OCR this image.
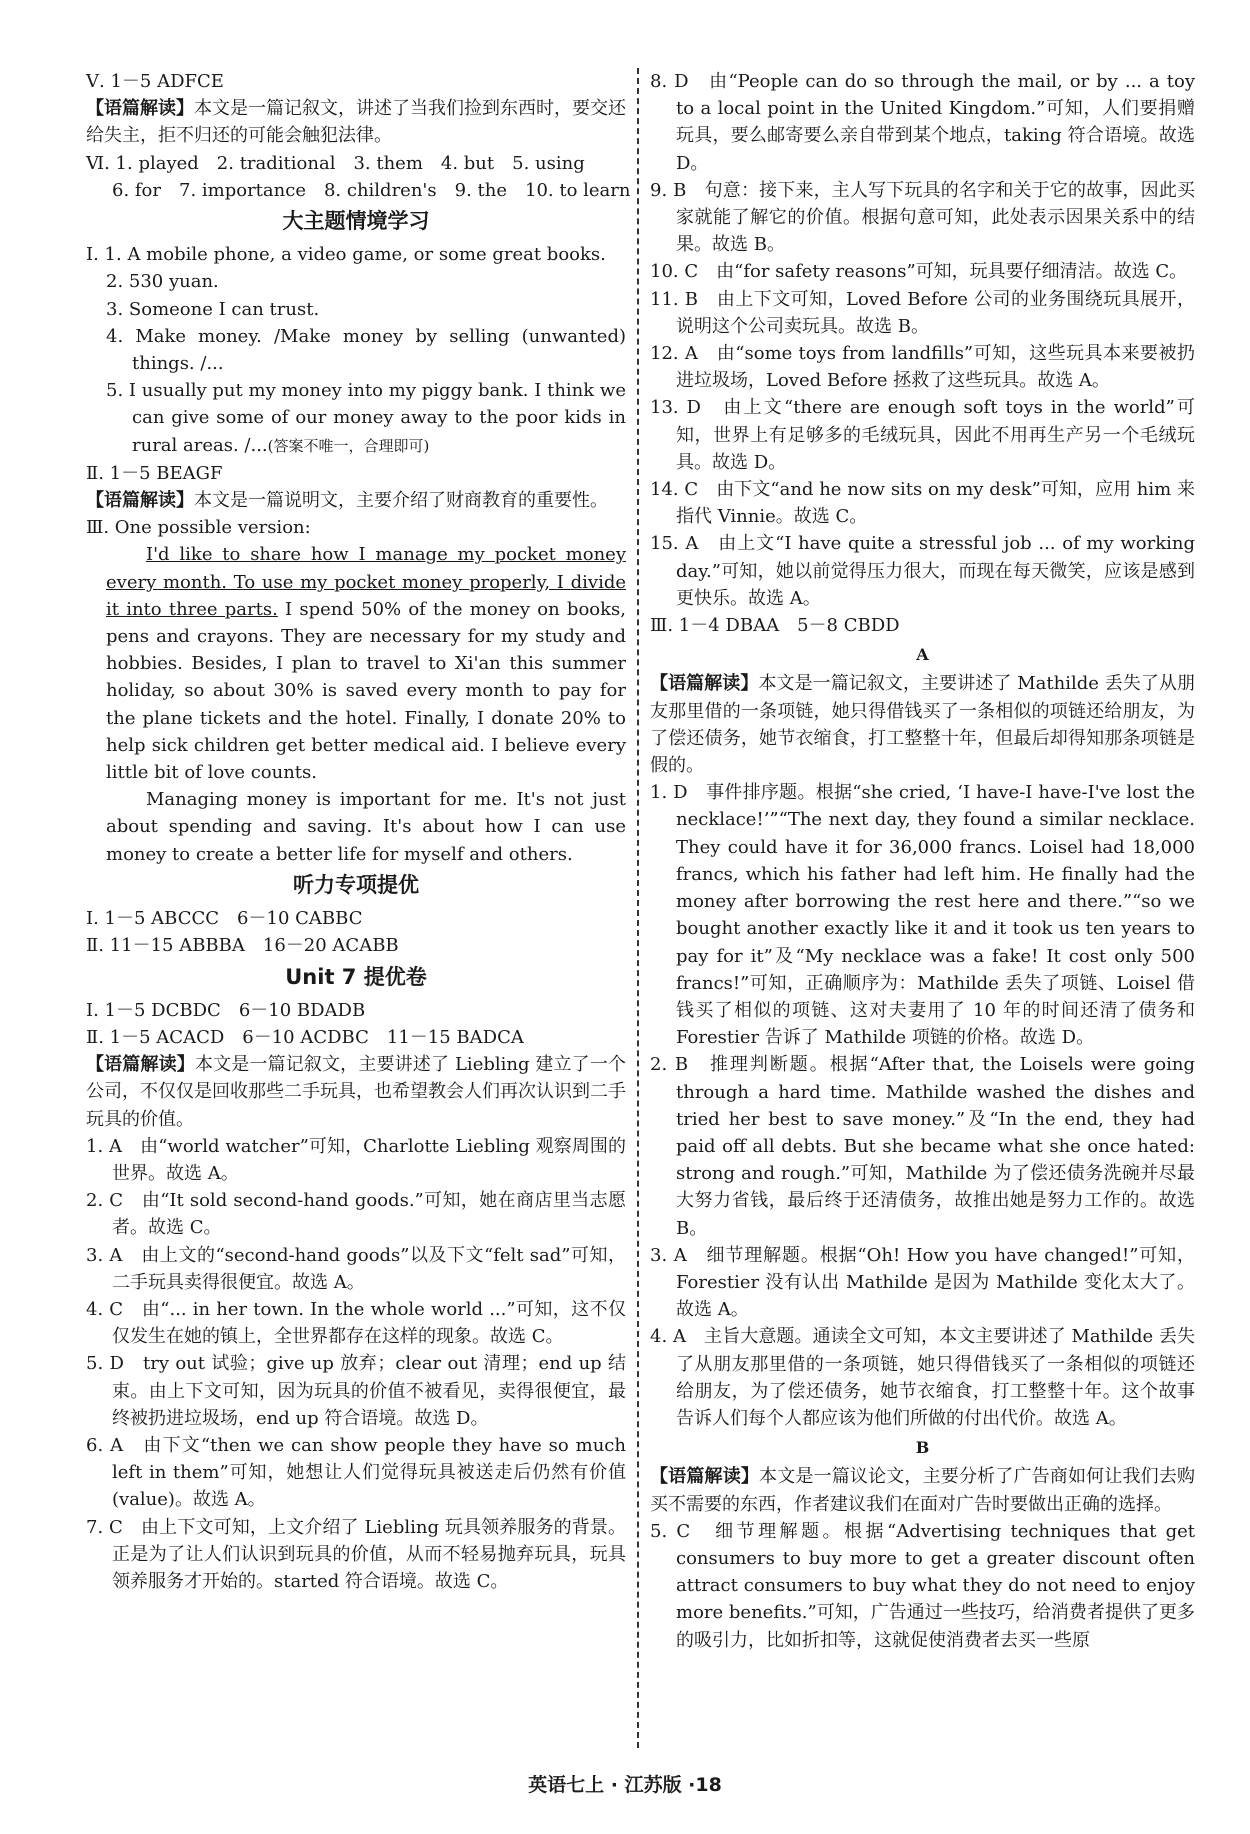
Ⅴ. 1－5 ADFCE

【语篇解读】本文是一篇记叙文，讲述了当我们捡到东西时，要交还给失主，拒不归还的可能会触犯法律。

Ⅵ. 1. played　2. traditional　3. them　4. but　5. using

6. for　7. importance　8. children's　9. the　10. to learn

大主题情境学习

Ⅰ. 1. A mobile phone, a video game, or some great books.

2. 530 yuan.

3. Someone I can trust.

4. Make money. /Make money by selling (unwanted) things. /...

5. I usually put my money into my piggy bank. I think we can give some of our money away to the poor kids in rural areas. /...(答案不唯一，合理即可)

Ⅱ. 1－5 BEAGF

【语篇解读】本文是一篇说明文，主要介绍了财商教育的重要性。

Ⅲ. One possible version:

I'd like to share how I manage my pocket money every month. To use my pocket money properly, I divide it into three parts. I spend 50% of the money on books, pens and crayons. They are necessary for my study and hobbies. Besides, I plan to travel to Xi'an this summer holiday, so about 30% is saved every month to pay for the plane tickets and the hotel. Finally, I donate 20% to help sick children get better medical aid. I believe every little bit of love counts.

Managing money is important for me. It's not just about spending and saving. It's about how I can use money to create a better life for myself and others.

听力专项提优

Ⅰ. 1－5 ABCCC　6－10 CABBC

Ⅱ. 11－15 ABBBA　16－20 ACABB

Unit 7 提优卷

Ⅰ. 1－5 DCBDC　6－10 BDADB

Ⅱ. 1－5 ACACD　6－10 ACDBC　11－15 BADCA

【语篇解读】本文是一篇记叙文，主要讲述了 Liebling 建立了一个公司，不仅仅是回收那些二手玩具，也希望教会人们再次认识到二手玩具的价值。

1. A　由“world watcher”可知，Charlotte Liebling 观察周围的世界。故选 A。

2. C　由“It sold second-hand goods.”可知，她在商店里当志愿者。故选 C。

3. A　由上文的“second-hand goods”以及下文“felt sad”可知，二手玩具卖得很便宜。故选 A。

4. C　由“... in her town. In the whole world ...”可知，这不仅仅发生在她的镇上，全世界都存在这样的现象。故选 C。

5. D　try out 试验；give up 放弃；clear out 清理；end up 结束。由上下文可知，因为玩具的价值不被看见，卖得很便宜，最终被扔进垃圾场，end up 符合语境。故选 D。

6. A　由下文“then we can show people they have so much left in them”可知，她想让人们觉得玩具被送走后仍然有价值(value)。故选 A。

7. C　由上下文可知，上文介绍了 Liebling 玩具领养服务的背景。正是为了让人们认识到玩具的价值，从而不轻易抛弃玩具，玩具领养服务才开始的。started 符合语境。故选 C。

8. D　由“People can do so through the mail, or by ... a toy to a local point in the United Kingdom.”可知，人们要捐赠玩具，要么邮寄要么亲自带到某个地点，taking 符合语境。故选 D。

9. B　句意：接下来，主人写下玩具的名字和关于它的故事，因此买家就能了解它的价值。根据句意可知，此处表示因果关系中的结果。故选 B。

10. C　由“for safety reasons”可知，玩具要仔细清洁。故选 C。

11. B　由上下文可知，Loved Before 公司的业务围绕玩具展开，说明这个公司卖玩具。故选 B。

12. A　由“some toys from landfills”可知，这些玩具本来要被扔进垃圾场，Loved Before 拯救了这些玩具。故选 A。

13. D　由上文“there are enough soft toys in the world”可知，世界上有足够多的毛绒玩具，因此不用再生产另一个毛绒玩具。故选 D。

14. C　由下文“and he now sits on my desk”可知，应用 him 来指代 Vinnie。故选 C。

15. A　由上文“I have quite a stressful job ... of my working day.”可知，她以前觉得压力很大，而现在每天微笑，应该是感到更快乐。故选 A。

Ⅲ. 1－4 DBAA　5－8 CBDD

A

【语篇解读】本文是一篇记叙文，主要讲述了 Mathilde 丢失了从朋友那里借的一条项链，她只得借钱买了一条相似的项链还给朋友，为了偿还债务，她节衣缩食，打工整整十年，但最后却得知那条项链是假的。

1. D　事件排序题。根据“she cried, ‘I have-I have-I've lost the necklace!’”“The next day, they found a similar necklace. They could have it for 36,000 francs. Loisel had 18,000 francs, which his father had left him. He finally had the money after borrowing the rest here and there.”“so we bought another exactly like it and it took us ten years to pay for it”及“My necklace was a fake! It cost only 500 francs!”可知，正确顺序为：Mathilde 丢失了项链、Loisel 借钱买了相似的项链、这对夫妻用了 10 年的时间还清了债务和 Forestier 告诉了 Mathilde 项链的价格。故选 D。

2. B　推理判断题。根据“After that, the Loisels were going through a hard time. Mathilde washed the dishes and tried her best to save money.”及“In the end, they had paid off all debts. But she became what she once hated: strong and rough.”可知，Mathilde 为了偿还债务洗碗并尽最大努力省钱，最后终于还清债务，故推出她是努力工作的。故选 B。

3. A　细节理解题。根据“Oh! How you have changed!”可知，Forestier 没有认出 Mathilde 是因为 Mathilde 变化太大了。故选 A。

4. A　主旨大意题。通读全文可知，本文主要讲述了 Mathilde 丢失了从朋友那里借的一条项链，她只得借钱买了一条相似的项链还给朋友，为了偿还债务，她节衣缩食，打工整整十年。这个故事告诉人们每个人都应该为他们所做的付出代价。故选 A。

B

【语篇解读】本文是一篇议论文，主要分析了广告商如何让我们去购买不需要的东西，作者建议我们在面对广告时要做出正确的选择。

5. C　细节理解题。根据“Advertising techniques that get consumers to buy more to get a greater discount often attract consumers to buy what they do not need to enjoy more benefits.”可知，广告通过一些技巧，给消费者提供了更多的吸引力，比如折扣等，这就促使消费者去买一些原

英语七上 · 江苏版 ·18
